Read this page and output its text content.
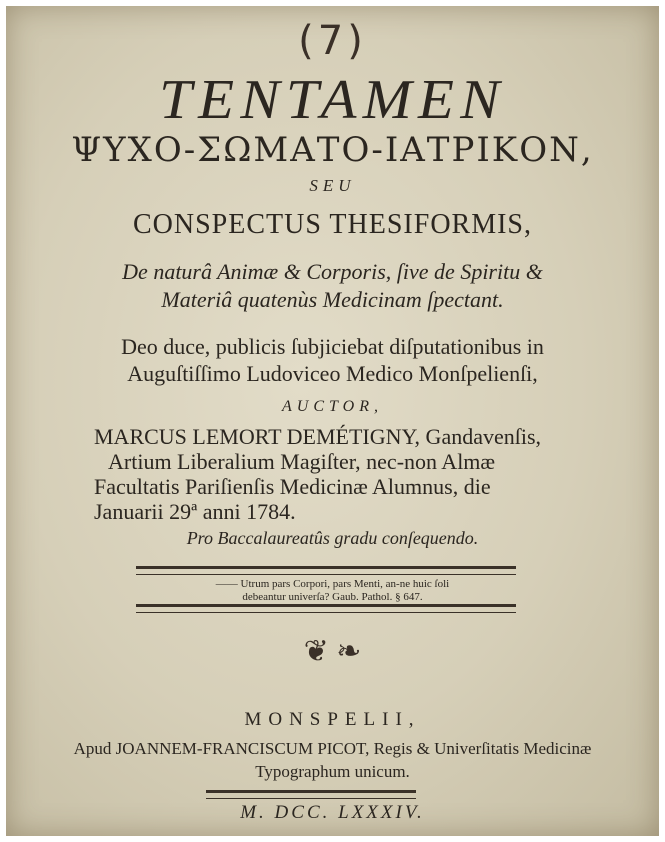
(7)
TENTAMEN
ΨΥΧΟ-ΣΩΜΑΤΟ-ΙΑΤΡΙΚΟΝ,
SEU
CONSPECTUS THESIFORMIS,
De naturâ Animæ & Corporis, ſive de Spiritu &
Materiâ quatenùs Medicinam ſpectant.
Deo duce, publicis ſubjiciebat diſputationibus in
Auguſtiſſimo Ludoviceo Medico Monſpelienſi,
AUCTOR,
MARCUS LEMORT DEMÉTIGNY, Gandavenſis,
Artium Liberalium Magiſter, nec-non Almæ
Facultatis Pariſienſis Medicinæ Alumnus, die
Januarii 29ª anni 1784.
Pro Baccalaureatûs gradu conſequendo.
—— Utrum pars Corpori, pars Menti, an-ne huic ſoli
debeantur univerſa? Gaub. Pathol. § 647.
❦ ❧
MONSPELII,
Apud JOANNEM-FRANCISCUM PICOT, Regis & Univerſitatis Medicinæ
Typographum unicum.
M. DCC. LXXXIV.
